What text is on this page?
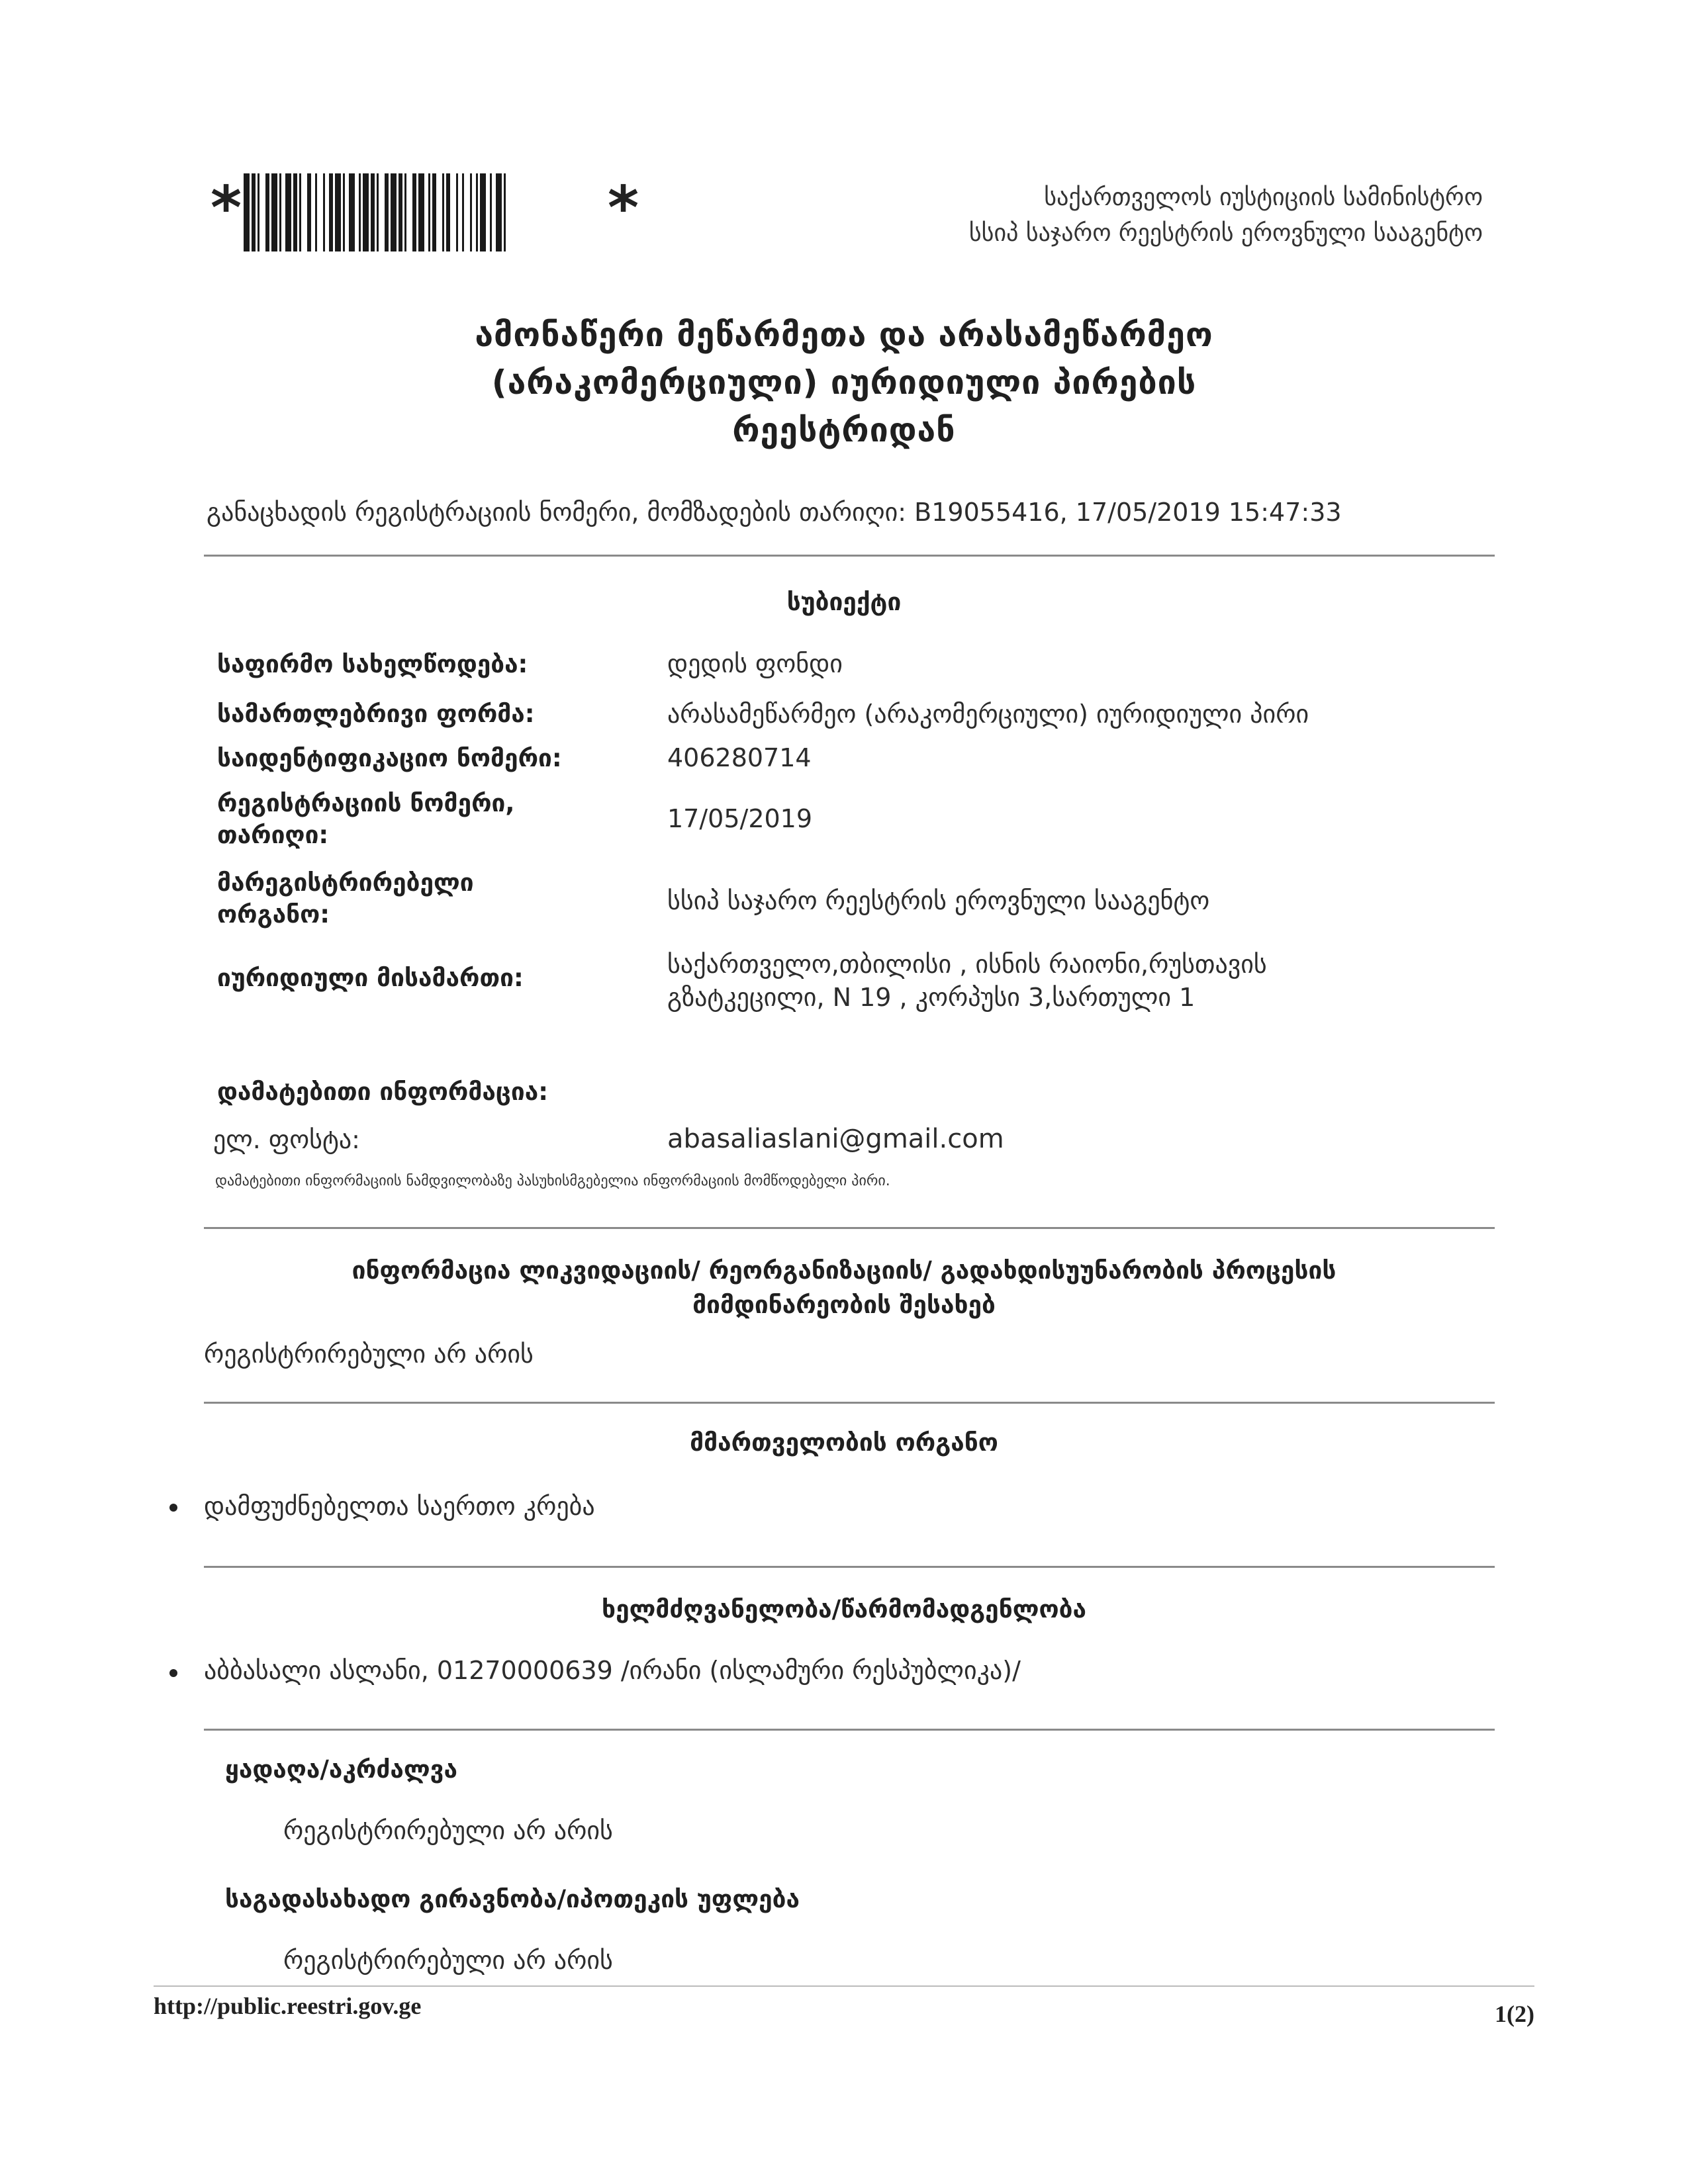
*	*	საქართველოს იუსტიციის სამინისტრო
სსიპ საჯარო რეესტრის ეროვნული სააგენტო
ამონაწერი მეწარმეთა და არასამეწარმეო
(არაკომერციული) იურიდიული პირების
რეესტრიდან
განაცხადის რეგისტრაციის ნომერი, მომზადების თარიღი: B19055416, 17/05/2019 15:47:33
სუბიექტი
საფირმო სახელწოდება:	დედის ფონდი
სამართლებრივი ფორმა:	არასამეწარმეო (არაკომერციული) იურიდიული პირი
საიდენტიფიკაციო ნომერი:	406280714
რეგისტრაციის ნომერი,
თარიღი:
17/05/2019
მარეგისტრირებელი
ორგანო:	სსიპ საჯარო რეესტრის ეროვნული სააგენტო
იურიდიული მისამართი:	საქართველო,თბილისი , ისნის რაიონი,რუსთავის
გზატკეცილი, N 19 , კორპუსი 3,სართული 1
დამატებითი ინფორმაცია:
ელ. ფოსტა:	abasaliaslani@gmail.com
დამატებითი ინფორმაციის ნამდვილობაზე პასუხისმგებელია ინფორმაციის მომწოდებელი პირი.
ინფორმაცია ლიკვიდაციის/ რეორგანიზაციის/ გადახდისუუნარობის პროცესის
მიმდინარეობის შესახებ
რეგისტრირებული არ არის
მმართველობის ორგანო
დამფუძნებელთა საერთო კრება
ხელმძღვანელობა/წარმომადგენლობა
აბბასალი ასლანი, 01270000639 /ირანი (ისლამური რესპუბლიკა)/
ყადაღა/აკრძალვა
რეგისტრირებული არ არის
საგადასახადო გირავნობა/იპოთეკის უფლება
რეგისტრირებული არ არის
http://public.reestri.gov.ge	1(2)
